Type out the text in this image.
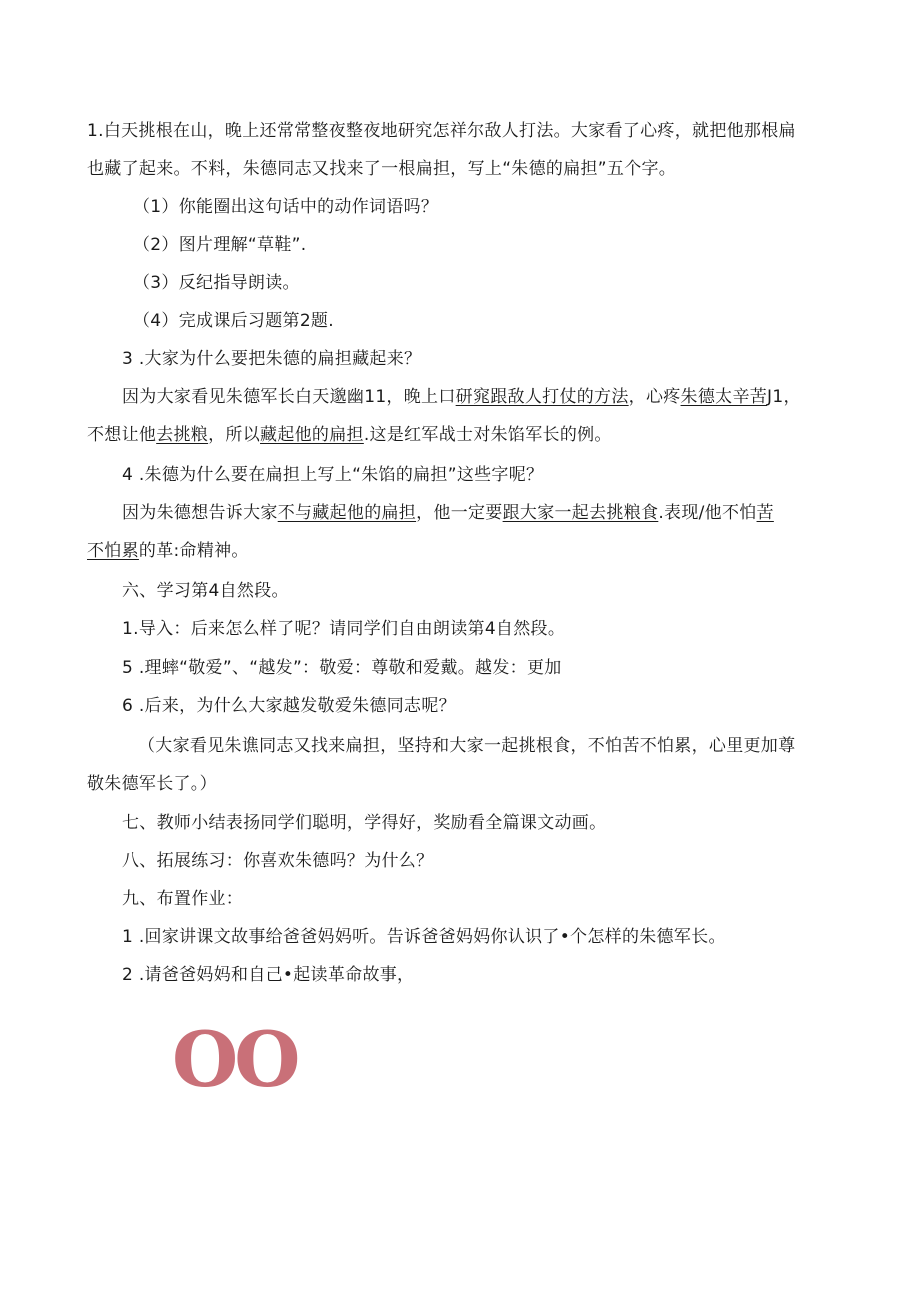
1.白天挑根在山，晚上还常常整夜整夜地研究怎祥尔敌人打法。大家看了心疼，就把他那根扁
也藏了起来。不料，朱德同志又找来了一根扁担，写上“朱德的扁担”五个字。
（1）你能圈出这句话中的动作词语吗？
（2）图片理解“草鞋”.
（3）反纪指导朗读。
（4）完成课后习题第2题.
3 .大家为什么要把朱德的扁担藏起来？
因为大家看见朱德军长白天邈幽11，晚上口研窕跟敌人打仗的方法，心疼朱德太辛苦J1，
不想让他去挑粮，所以藏起他的扁担.这是红军战士对朱馅军长的例。
4 .朱德为什么要在扁担上写上“朱馅的扁担”这些字呢？
因为朱德想告诉大家不与藏起他的扁担，他一定要跟大家一起去挑粮食.表现/他不怕苦
不怕累的革:命精神。
六、学习第4自然段。
1.导入：后来怎么样了呢？请同学们自由朗读第4自然段。
5 .理蟀“敬爱”、“越发”：敬爱：尊敬和爱戴。越发：更加
6 .后来，为什么大家越发敬爱朱德同志呢？
（大家看见朱谯同志又找来扁担，坚持和大家一起挑根食，不怕苦不怕累，心里更加尊
敬朱德军长了。）
七、教师小结表扬同学们聪明，学得好，奖励看全篇课文动画。
八、拓展练习：你喜欢朱德吗？为什么？
九、布置作业：
1 .回家讲课文故事给爸爸妈妈听。告诉爸爸妈妈你认识了•个怎样的朱德军长。
2 .请爸爸妈妈和自己•起读革命故事，
OO
